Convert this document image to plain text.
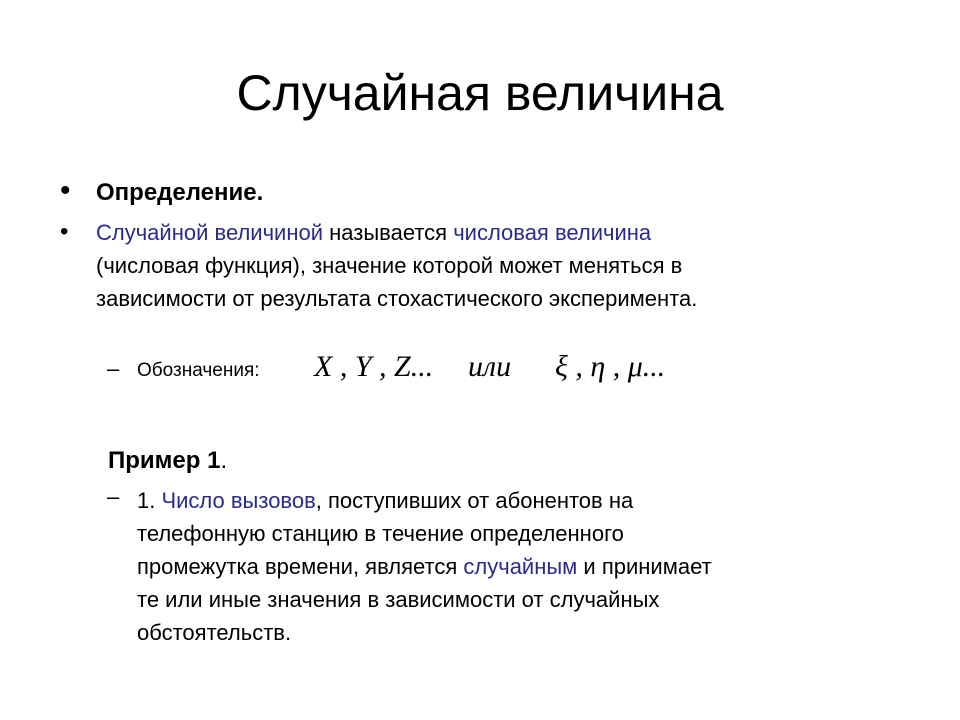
Случайная величина
• Определение.
• Случайной величиной называется числовая величина
(числовая функция), значение которой может меняться в
зависимости от результата стохастического эксперимента.
– Обозначения: X , Y , Z... или ξ , η , μ...
Пример 1.
– 1. Число вызовов, поступивших от абонентов на
телефонную станцию в течение определенного
промежутка времени, является случайным и принимает
те или иные значения в зависимости от случайных
обстоятельств.
